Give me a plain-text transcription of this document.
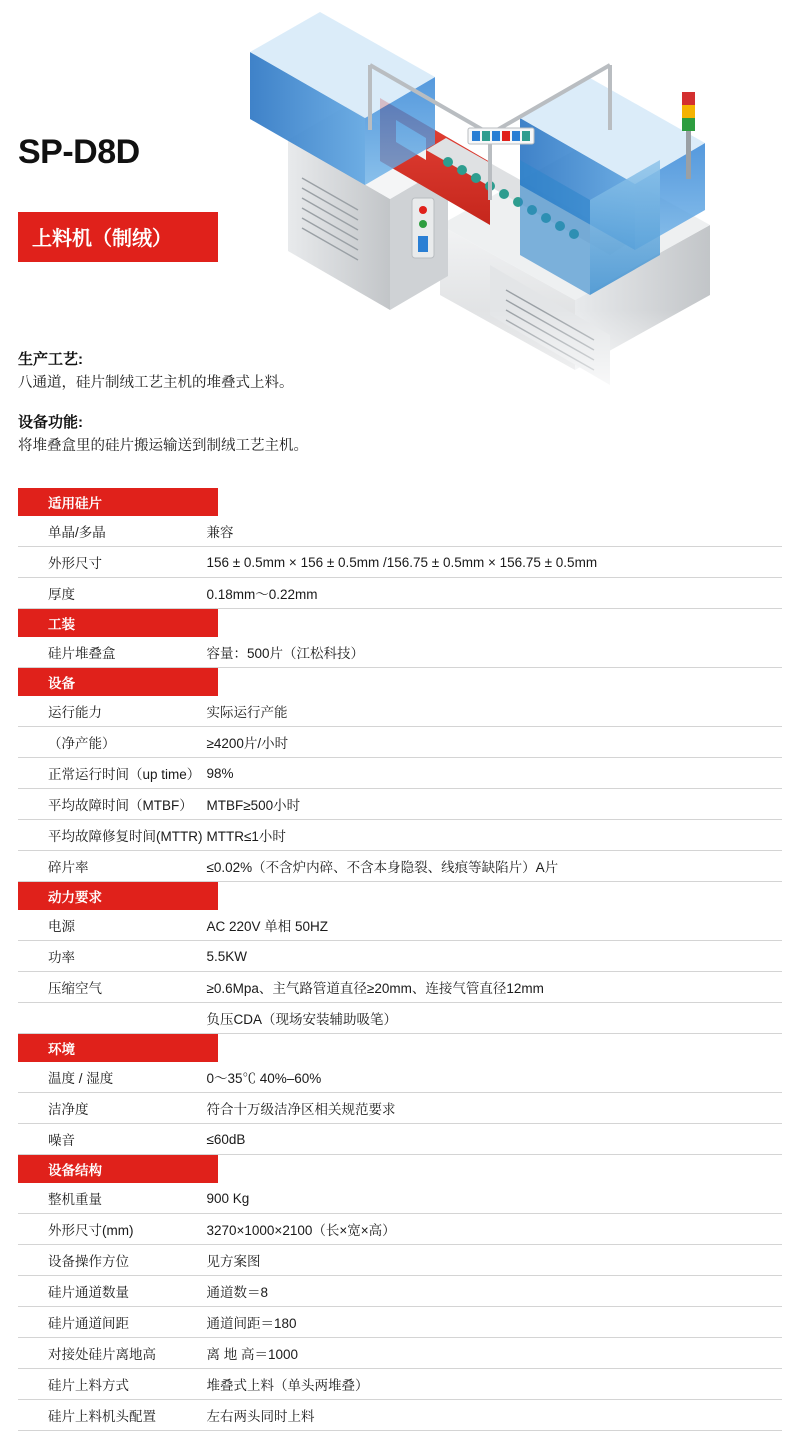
SP-D8D
上料机（制绒）

生产工艺:

八通道，硅片制绒工艺主机的堆叠式上料。

设备功能:

将堆叠盒里的硅片搬运输送到制绒工艺主机。

适用硅片	

单晶/多晶	兼容
外形尺寸	156 ± 0.5mm × 156 ± 0.5mm /156.75 ± 0.5mm × 156.75 ± 0.5mm
厚度	0.18mm～0.22mm

工装	

硅片堆叠盒	容量：500片（江松科技）

设备	

运行能力	实际运行产能
（净产能）	≥4200片/小时
正常运行时间（up time）	98%
平均故障时间（MTBF）	MTBF≥500小时
平均故障修复时间(MTTR)	MTTR≤1小时
碎片率	≤0.02%（不含炉内碎、不含本身隐裂、线痕等缺陷片）A片

动力要求	

电源	AC 220V 单相 50HZ
功率	5.5KW
压缩空气	≥0.6Mpa、主气路管道直径≥20mm、连接气管直径12mm
	负压CDA（现场安装辅助吸笔）

环境	

温度 / 湿度	0～35℃ 40%–60%
洁净度	符合十万级洁净区相关规范要求
噪音	≤60dB

设备结构	

整机重量	900 Kg
外形尺寸(mm)	3270×1000×2100（长×宽×高）
设备操作方位	见方案图
硅片通道数量	通道数＝8
硅片通道间距	通道间距＝180
对接处硅片离地高	离 地 高＝1000
硅片上料方式	堆叠式上料（单头两堆叠）
硅片上料机头配置	左右两头同时上料
